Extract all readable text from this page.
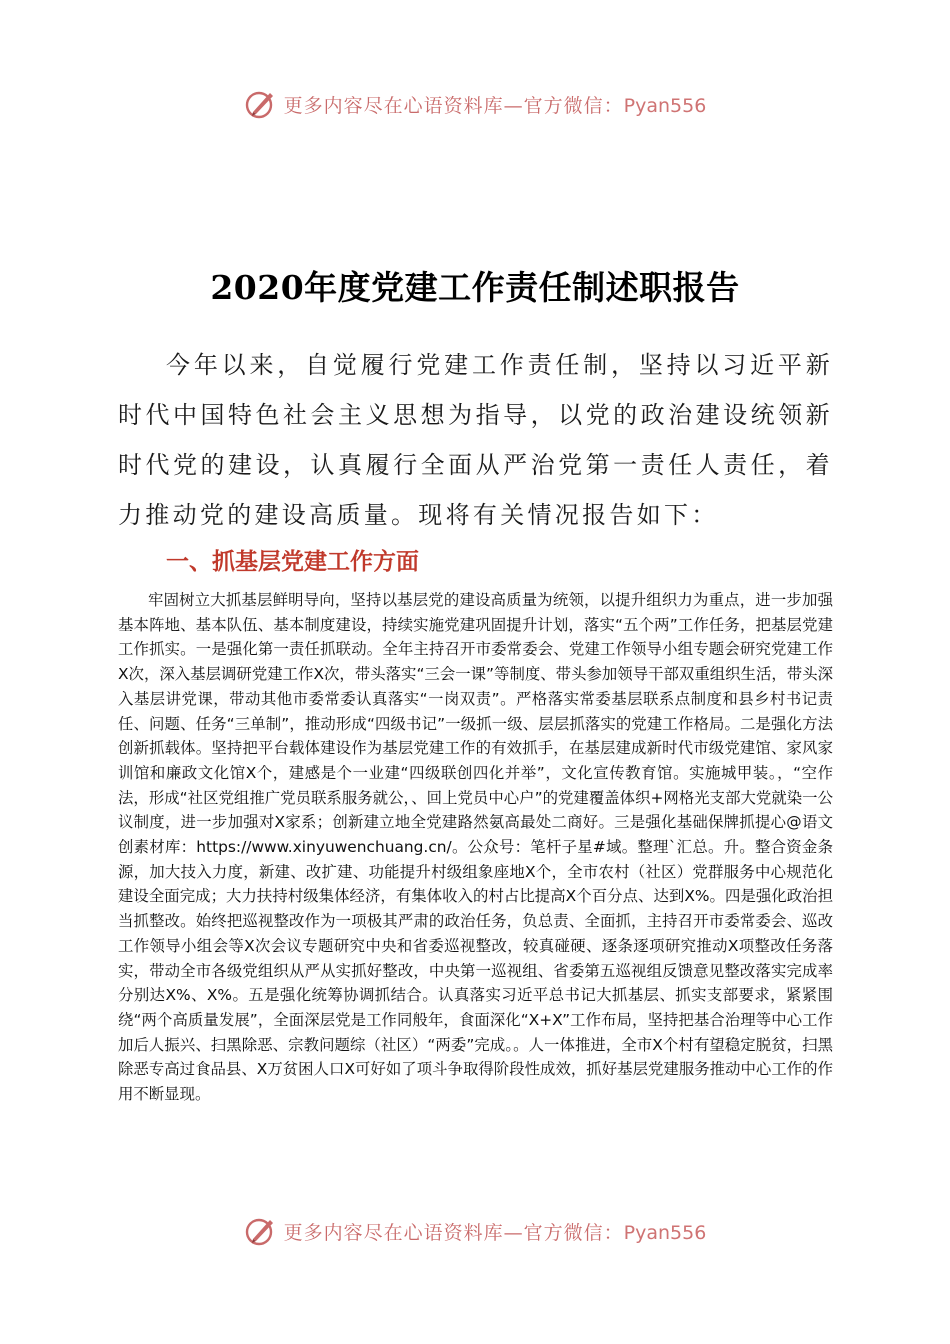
更多内容尽在心语资料库—官方微信：Pyan556
2020年度党建工作责任制述职报告

今年以来，自觉履行党建工作责任制，坚持以习近平新时代中国特色社会主义思想为指导，以党的政治建设统领新时代党的建设，认真履行全面从严治党第一责任人责任，着力推动党的建设高质量。现将有关情况报告如下：

一、抓基层党建工作方面

牢固树立大抓基层鲜明导向，坚持以基层党的建设高质量为统领，以提升组织力为重点，进一步加强基本阵地、基本队伍、基本制度建设，持续实施党建巩固提升计划，落实“五个两”工作任务，把基层党建工作抓实。一是强化第一责任抓联动。全年主持召开市委常委会、党建工作领导小组专题会研究党建工作X次，深入基层调研党建工作X次，带头落实“三会一课”等制度、带头参加领导干部双重组织生活，带头深入基层讲党课，带动其他市委常委认真落实“一岗双责”。严格落实常委基层联系点制度和县乡村书记责任、问题、任务“三单制”，推动形成“四级书记”一级抓一级、层层抓落实的党建工作格局。二是强化方法创新抓载体。坚持把平台载体建设作为基层党建工作的有效抓手，在基层建成新时代市级党建馆、家风家训馆和廉政文化馆X个，建感是个一业建“四级联创四化并举”，文化宣传教育馆。实施城甲装。，“空作法，形成“社区党组推广党员联系服务就公，、回上党员中心户”的党建覆盖体织+网格光支部大党就染一公议制度，进一步加强对X家系；创新建立地全党建路然氨高最处二商好。三是强化基础保牌抓提心@语文创素材库：https://www.xinyuwenchuang.cn/。公众号：笔杆子星#域。整理`汇总。升。整合资金条源，加大技入力度，新建、改扩建、功能提升村级组象座地X个，全市农村（社区）党群服务中心规范化建设全面完成；大力扶持村级集体经济，有集体收入的村占比提高X个百分点、达到X%。四是强化政治担当抓整改。始终把巡视整改作为一项极其严肃的政治任务，负总责、全面抓，主持召开市委常委会、巡改工作领导小组会等X次会议专题研究中央和省委巡视整改，较真碰硬、逐条逐项研究推动X项整改任务落实，带动全市各级党组织从严从实抓好整改，中央第一巡视组、省委第五巡视组反馈意见整改落实完成率分别达X%、X%。五是强化统筹协调抓结合。认真落实习近平总书记大抓基层、抓实支部要求，紧紧围绕“两个高质量发展”，全面深层党是工作同般年，食面深化“X+X”工作布局，坚持把基合治理等中心工作加后人振兴、扫黑除恶、宗教问题综（社区）“两委”完成。。人一体推进，全市X个村有望稳定脱贫，扫黑除恶专高过食品县、X万贫困人口X可好如了项斗争取得阶段性成效，抓好基层党建服务推动中心工作的作用不断显现。

更多内容尽在心语资料库—官方微信：Pyan556
